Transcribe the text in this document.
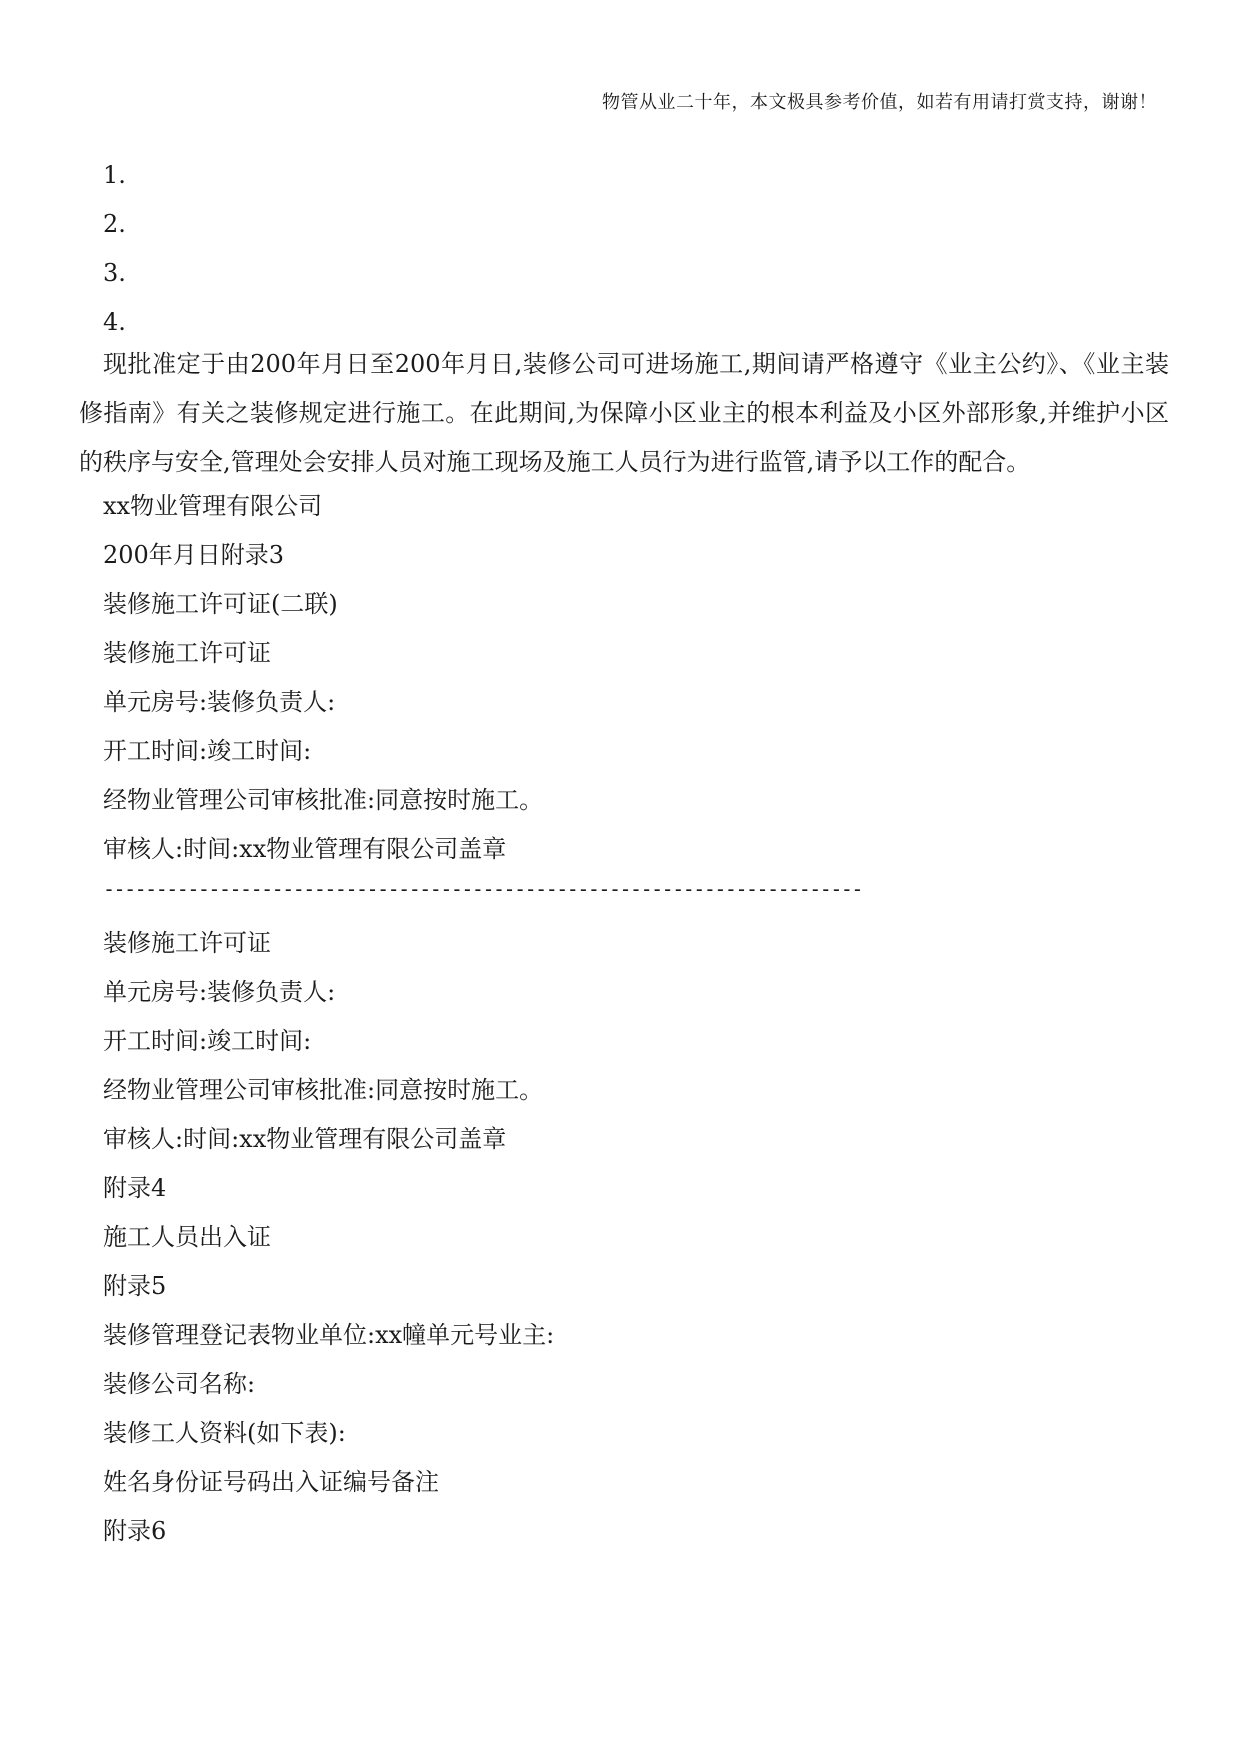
物管从业二十年，本文极具参考价值，如若有用请打赏支持，谢谢！
1.
2.
3.
4.
现批准定于由200年月日至200年月日,装修公司可进场施工,期间请严格遵守《业主公约》、《业主装修指南》有关之装修规定进行施工。在此期间,为保障小区业主的根本利益及小区外部形象,并维护小区的秩序与安全,管理处会安排人员对施工现场及施工人员行为进行监管,请予以工作的配合。
xx物业管理有限公司
200年月日附录3
装修施工许可证(二联)
装修施工许可证
单元房号:装修负责人:
开工时间:竣工时间:
经物业管理公司审核批准:同意按时施工。
审核人:时间:xx物业管理有限公司盖章
------------------------------------------------------------------------
装修施工许可证
单元房号:装修负责人:
开工时间:竣工时间:
经物业管理公司审核批准:同意按时施工。
审核人:时间:xx物业管理有限公司盖章
附录4
施工人员出入证
附录5
装修管理登记表物业单位:xx幢单元号业主:
装修公司名称:
装修工人资料(如下表):
姓名身份证号码出入证编号备注
附录6
